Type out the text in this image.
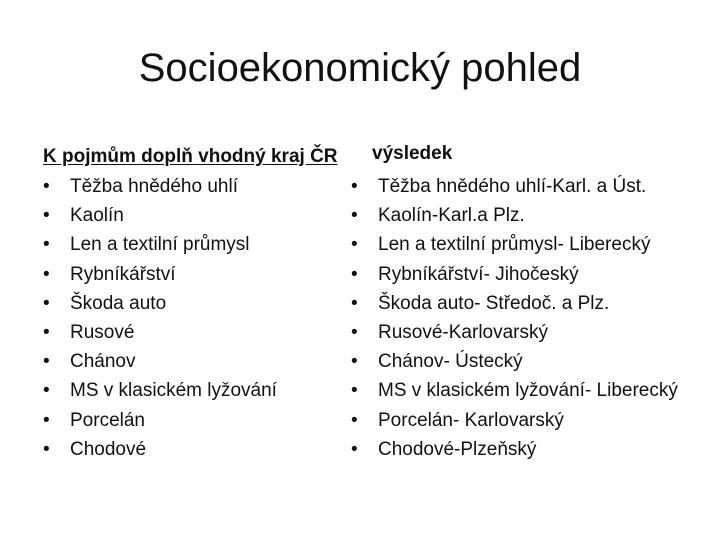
Socioekonomický pohled
K pojmům doplň vhodný kraj ČR výsledek
•	Těžba hnědého uhlí
•	Kaolín
•	Len a textilní průmysl
•	Rybníkářství
•	Škoda auto
•	Rusové
•	Chánov
•	MS v klasickém lyžování
•	Porcelán
•	Chodové
•	Těžba hnědého uhlí-Karl. a Úst.
•	Kaolín-Karl.a Plz.
•	Len a textilní průmysl- Liberecký
•	Rybníkářství- Jihočeský
•	Škoda auto- Středoč. a Plz.
•	Rusové-Karlovarský
•	Chánov- Ústecký
•	MS v klasickém lyžování- Liberecký
•	Porcelán- Karlovarský
•	Chodové-Plzeňský
